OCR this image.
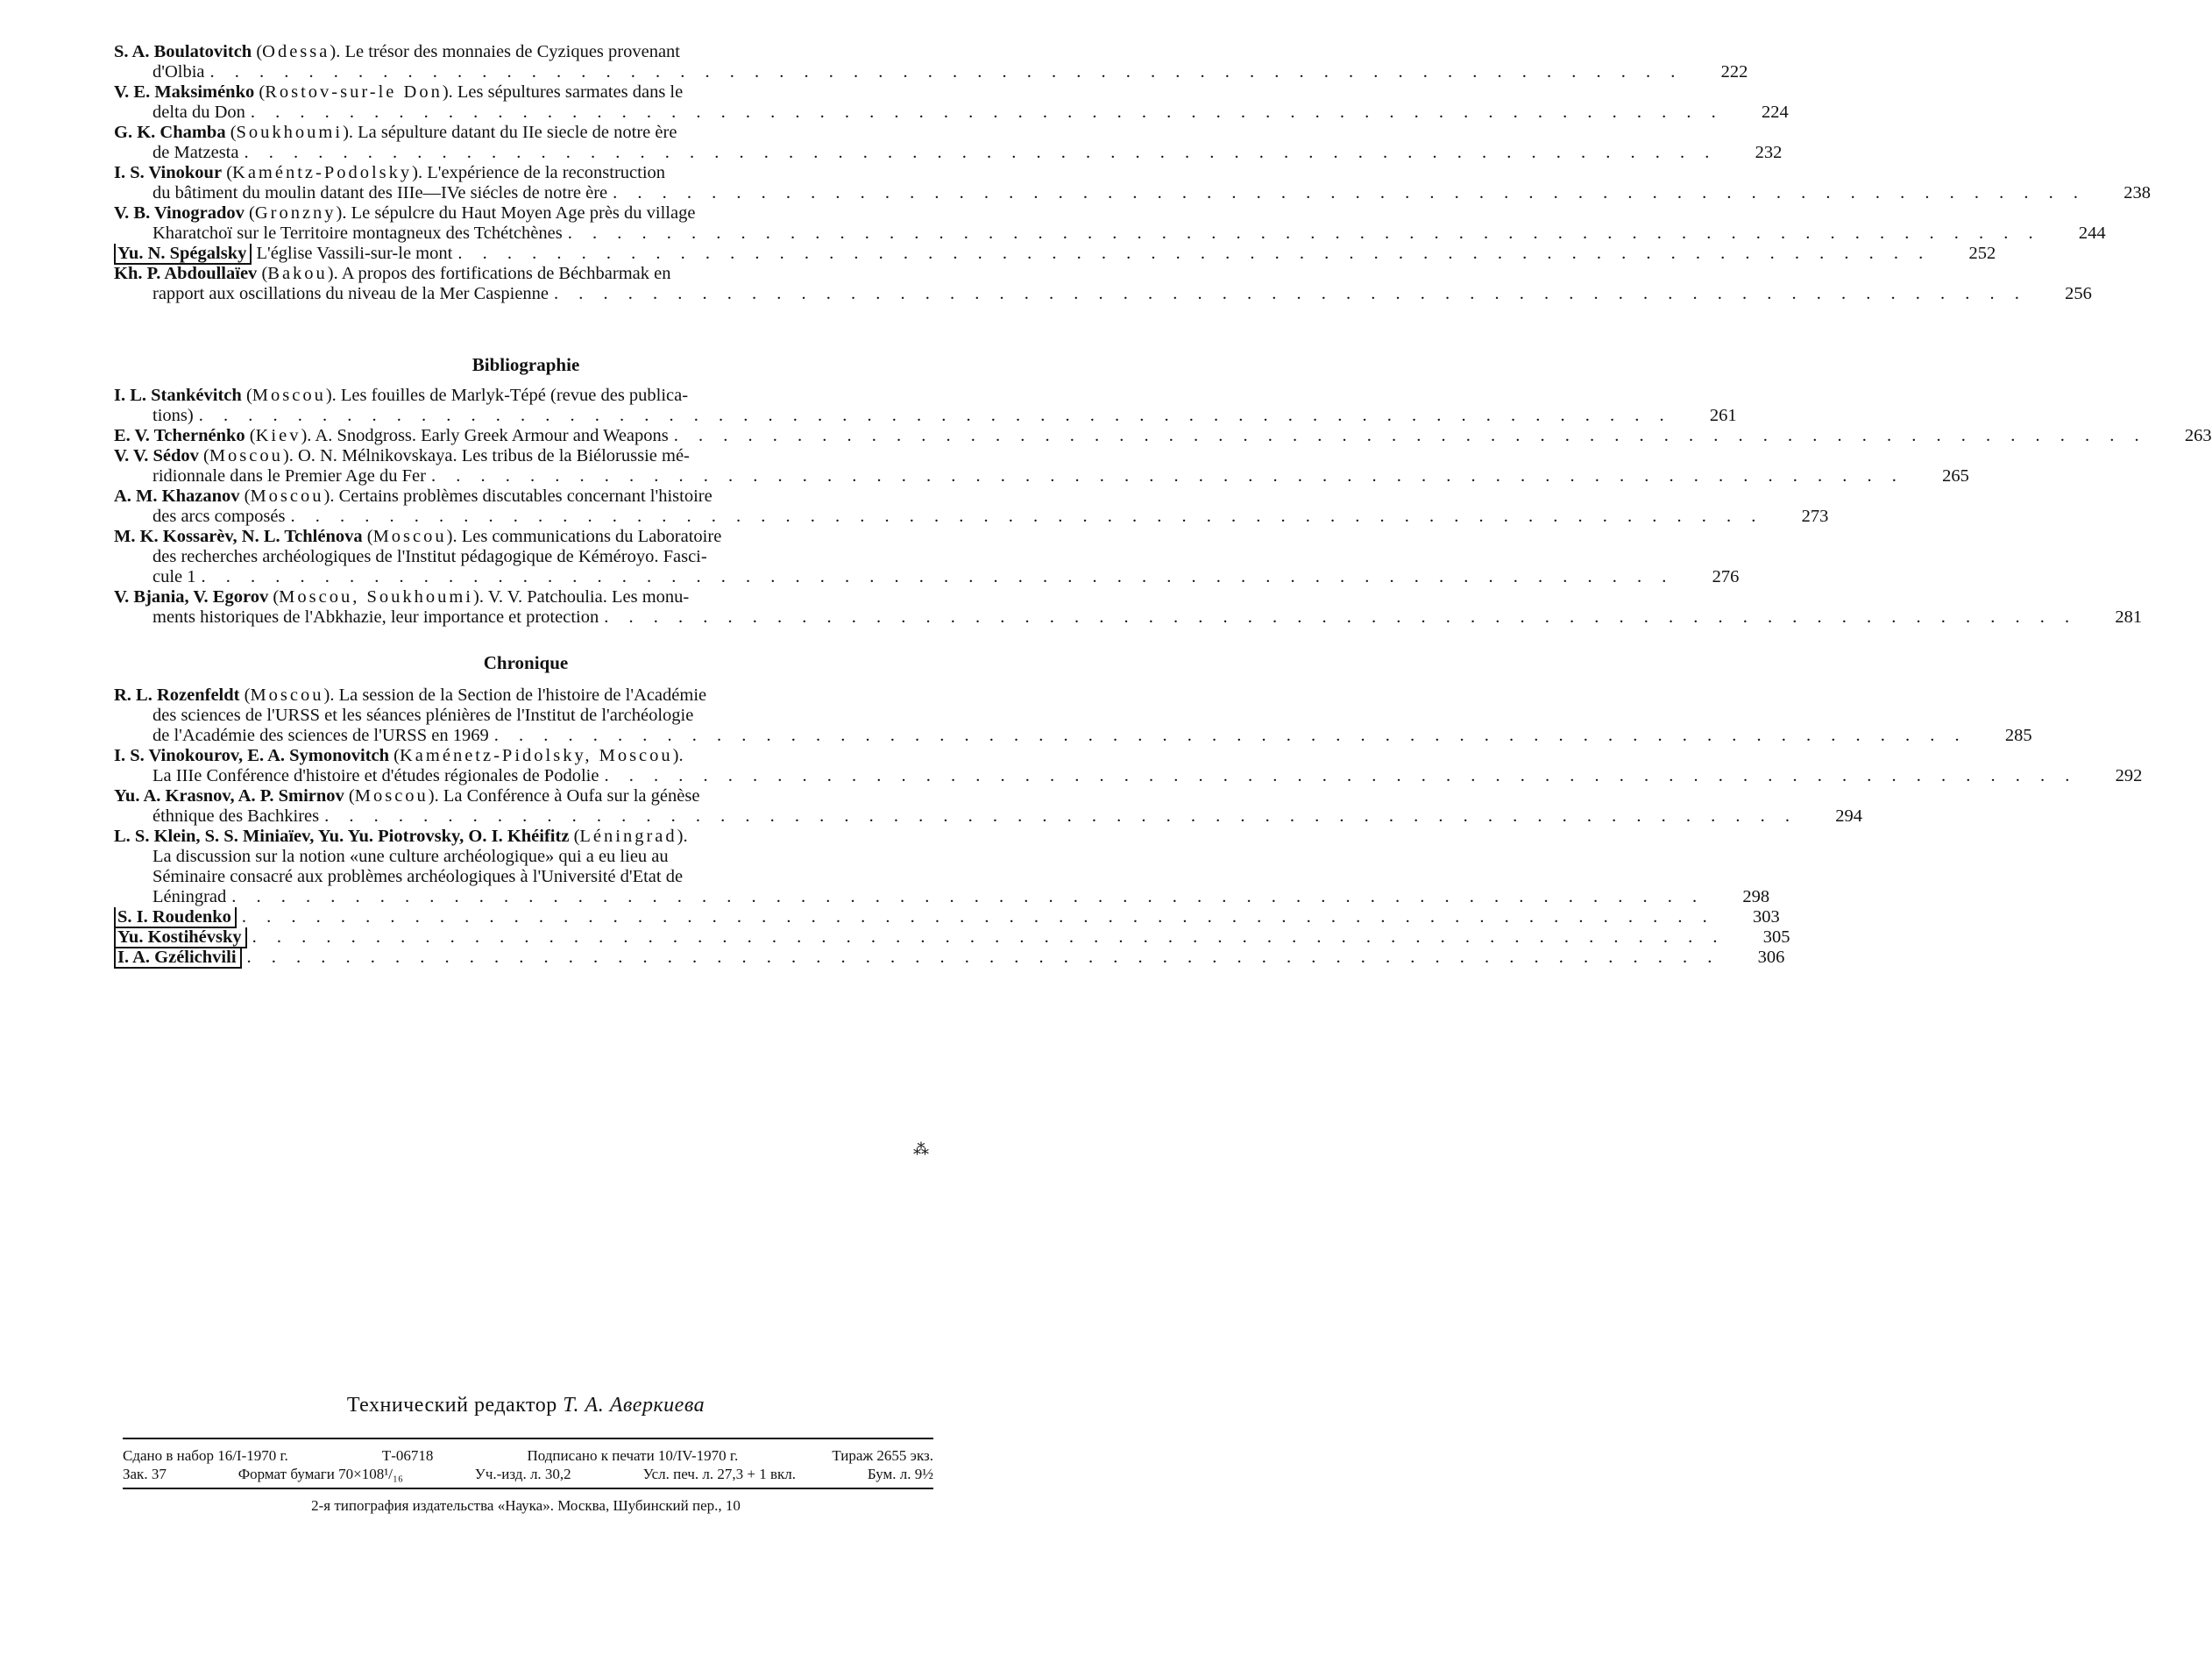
S. A. Boulatovitch (Odessa). Le trésor des monnaies de Cyziques provenant
d'Olbia . . . . . . . . . . . . . . . . . . . . . . . . . . . . . . . . . . . . . . . . . . . . . . . . . . . . . . . . . . . .	222
V. E. Maksiménko (Rostov-sur-le Don). Les sépultures sarmates dans le
delta du Don . . . . . . . . . . . . . . . . . . . . . . . . . . . . . . . . . . . . . . . . . . . . . . . . . . . . . . . . . . . .	224
G. K. Chamba (Soukhoumi). La sépulture datant du IIe siecle de notre ère
de Matzesta . . . . . . . . . . . . . . . . . . . . . . . . . . . . . . . . . . . . . . . . . . . . . . . . . . . . . . . . . . . .	232
I. S. Vinokour (Kaméntz-Podolsky). L'expérience de la reconstruction
du bâtiment du moulin datant des IIIe—IVe siécles de notre ère . . . . . . . . . . . . . . . . . . . . . . . . . . . . . . . . . . . . . . . . . . . . . . . . . . . . . . . . . . . .	238
V. B. Vinogradov (Gronzny). Le sépulcre du Haut Moyen Age près du village
Kharatchoï sur le Territoire montagneux des Tchétchènes . . . . . . . . . . . . . . . . . . . . . . . . . . . . . . . . . . . . . . . . . . . . . . . . . . . . . . . . . . . .	244
Yu. N. Spégalsky L'église Vassili-sur-le mont . . . . . . . . . . . . . . . . . . . . . . . . . . . . . . . . . . . . . . . . . . . . . . . . . . . . . . . . . . . .	252
Kh. P. Abdoullaïev (Bakou). A propos des fortifications de Béchbarmak en
rapport aux oscillations du niveau de la Mer Caspienne . . . . . . . . . . . . . . . . . . . . . . . . . . . . . . . . . . . . . . . . . . . . . . . . . . . . . . . . . . . .	256
Bibliographie
I. L. Stankévitch (Moscou). Les fouilles de Marlyk-Tépé (revue des publica-
tions) . . . . . . . . . . . . . . . . . . . . . . . . . . . . . . . . . . . . . . . . . . . . . . . . . . . . . . . . . . . .	261
E. V. Tchernénko (Kiev). A. Snodgross. Early Greek Armour and Weapons . . . . . . . . . . . . . . . . . . . . . . . . . . . . . . . . . . . . . . . . . . . . . . . . . . . . . . . . . . . .	263
V. V. Sédov (Moscou). O. N. Mélnikovskaya. Les tribus de la Biélorussie mé-
ridionnale dans le Premier Age du Fer . . . . . . . . . . . . . . . . . . . . . . . . . . . . . . . . . . . . . . . . . . . . . . . . . . . . . . . . . . . .	265
A. M. Khazanov (Moscou). Certains problèmes discutables concernant l'histoire
des arcs composés . . . . . . . . . . . . . . . . . . . . . . . . . . . . . . . . . . . . . . . . . . . . . . . . . . . . . . . . . . . .	273
M. K. Kossarèv, N. L. Tchlénova (Moscou). Les communications du Laboratoire
des recherches archéologiques de l'Institut pédagogique de Kéméroyo. Fasci-
cule 1 . . . . . . . . . . . . . . . . . . . . . . . . . . . . . . . . . . . . . . . . . . . . . . . . . . . . . . . . . . . .	276
V. Bjania, V. Egorov (Moscou, Soukhoumi). V. V. Patchoulia. Les monu-
ments historiques de l'Abkhazie, leur importance et protection . . . . . . . . . . . . . . . . . . . . . . . . . . . . . . . . . . . . . . . . . . . . . . . . . . . . . . . . . . . .	281
Chronique
R. L. Rozenfeldt (Moscou). La session de la Section de l'histoire de l'Académie
des sciences de l'URSS et les séances plénières de l'Institut de l'archéologie
de l'Académie des sciences de l'URSS en 1969 . . . . . . . . . . . . . . . . . . . . . . . . . . . . . . . . . . . . . . . . . . . . . . . . . . . . . . . . . . . .	285
I. S. Vinokourov, E. A. Symonovitch (Kaménetz-Pidolsky, Moscou).
La IIIe Conférence d'histoire et d'études régionales de Podolie . . . . . . . . . . . . . . . . . . . . . . . . . . . . . . . . . . . . . . . . . . . . . . . . . . . . . . . . . . . .	292
Yu. A. Krasnov, A. P. Smirnov (Moscou). La Conférence à Oufa sur la génèse
éthnique des Bachkires . . . . . . . . . . . . . . . . . . . . . . . . . . . . . . . . . . . . . . . . . . . . . . . . . . . . . . . . . . . .	294
L. S. Klein, S. S. Miniaïev, Yu. Yu. Piotrovsky, O. I. Khéifitz (Léningrad).
La discussion sur la notion «une culture archéologique» qui a eu lieu au
Séminaire consacré aux problèmes archéologiques à l'Université d'Etat de
Léningrad . . . . . . . . . . . . . . . . . . . . . . . . . . . . . . . . . . . . . . . . . . . . . . . . . . . . . . . . . . . .	298
S. I. Roudenko . . . . . . . . . . . . . . . . . . . . . . . . . . . . . . . . . . . . . . . . . . . . . . . . . . . . . . . . . . . .	303
Yu. Kostihévsky . . . . . . . . . . . . . . . . . . . . . . . . . . . . . . . . . . . . . . . . . . . . . . . . . . . . . . . . . . . .	305
I. A. Gzélichvili . . . . . . . . . . . . . . . . . . . . . . . . . . . . . . . . . . . . . . . . . . . . . . . . . . . . . . . . . . . .	306
⁂
Технический редактор Т. А. Аверкиева
Сдано в набор 16/I-1970 г.	Т-06718	Подписано к печати 10/IV-1970 г.	Тираж 2655 экз.
Зак. 37	Формат бумаги 70×108¹/₁₆	Уч.-изд. л. 30,2	Усл. печ. л. 27,3 + 1 вкл.	Бум. л. 9½
2-я типография издательства «Наука». Москва, Шубинский пер., 10
